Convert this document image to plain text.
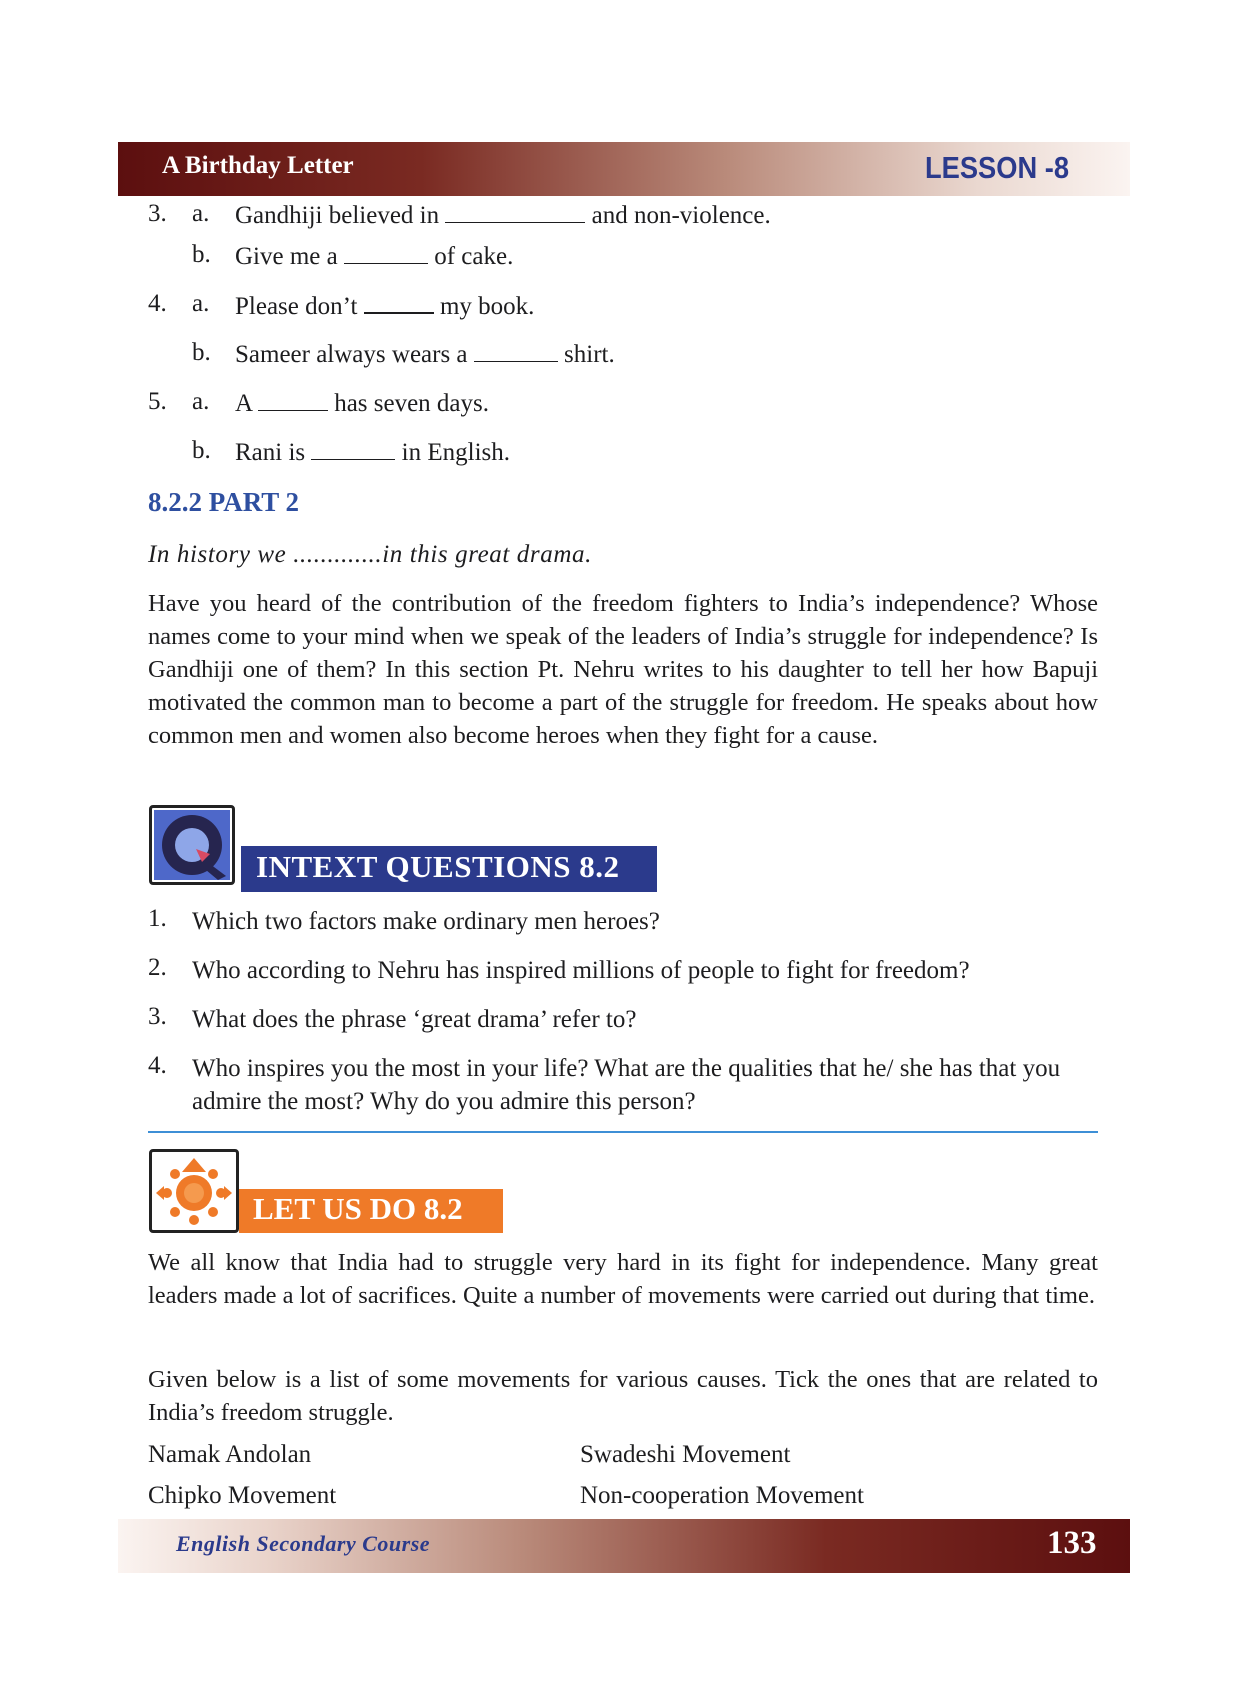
A Birthday Letter	LESSON -8
3. a. Gandhiji believed in	and non-violence.
b. Give me a	of cake.
4. a. Please don’t	my book.
b. Sameer always wears a	shirt.
5. a. A	has seven days.
b. Rani is	in English.
8.2.2 PART 2
In history we .............in this great drama.
Have you heard of the contribution of the freedom fighters to India’s independence? Whose names come to your mind when we speak of the leaders of India’s struggle for independence? Is Gandhiji one of them? In this section Pt. Nehru writes to his daughter to tell her how Bapuji motivated the common man to become a part of the struggle for freedom. He speaks about how common men and women also become heroes when they fight for a cause.
INTEXT QUESTIONS 8.2
1. Which two factors make ordinary men heroes?
2. Who according to Nehru has inspired millions of people to fight for freedom?
3. What does the phrase ‘great drama’ refer to?
4. Who inspires you the most in your life? What are the qualities that he/ she has that you admire the most? Why do you admire this person?
LET US DO 8.2
We all know that India had to struggle very hard in its fight for independence. Many great leaders made a lot of sacrifices. Quite a number of movements were carried out during that time.
Given below is a list of some movements for various causes. Tick the ones that are related to India’s freedom struggle.
Namak Andolan	Swadeshi Movement
Chipko Movement	Non-cooperation Movement
English Secondary Course	133
